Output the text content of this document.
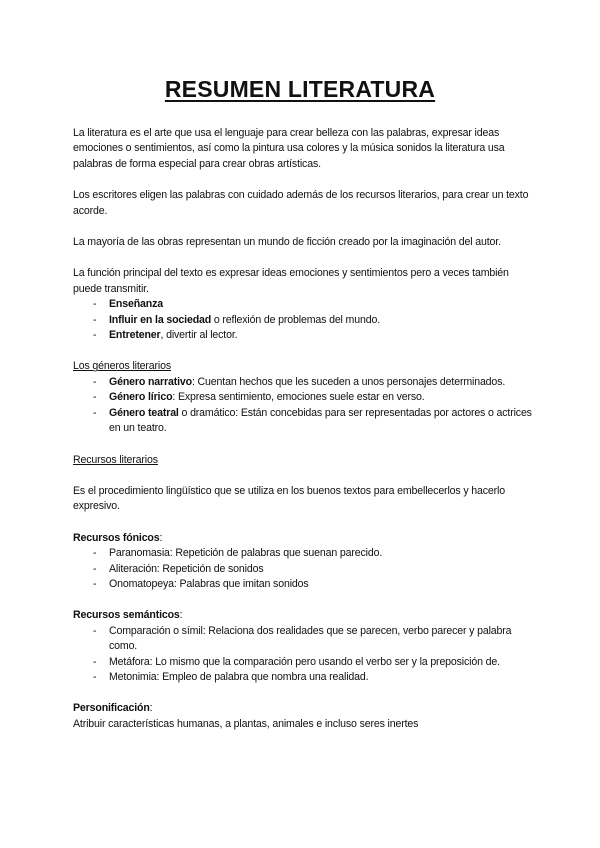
RESUMEN LITERATURA

La literatura es el arte que usa el lenguaje para crear belleza con las palabras, expresar ideas emociones o sentimientos, así como la pintura usa colores y la música sonidos la literatura usa palabras de forma especial para crear obras artísticas.

Los escritores eligen las palabras con cuidado además de los recursos literarios, para crear un texto acorde.

La mayoría de las obras representan un mundo de ficción creado por la imaginación del autor.

La función principal del texto es expresar ideas emociones y sentimientos pero a veces también puede transmitir.

- Enseñanza
- Influir en la sociedad o reflexión de problemas del mundo.
- Entretener, divertir al lector.

Los géneros literarios

- Género narrativo: Cuentan hechos que les suceden a unos personajes determinados.
- Género lírico: Expresa sentimiento, emociones suele estar en verso.
- Género teatral o dramático: Están concebidas para ser representadas por actores o actrices en un teatro.

Recursos literarios

Es el procedimiento lingüístico que se utiliza en los buenos textos para embellecerlos y hacerlo expresivo.

Recursos fónicos:

- Paranomasia: Repetición de palabras que suenan parecido.
- Aliteración: Repetición de sonidos
- Onomatopeya: Palabras que imitan sonidos

Recursos semánticos:

- Comparación o símil: Relaciona dos realidades que se parecen, verbo parecer y palabra como.
- Metáfora: Lo mismo que la comparación pero usando el verbo ser y la preposición de.
- Metonimia: Empleo de palabra que nombra una realidad.

Personificación:

Atribuir características humanas, a plantas, animales e incluso seres inertes
